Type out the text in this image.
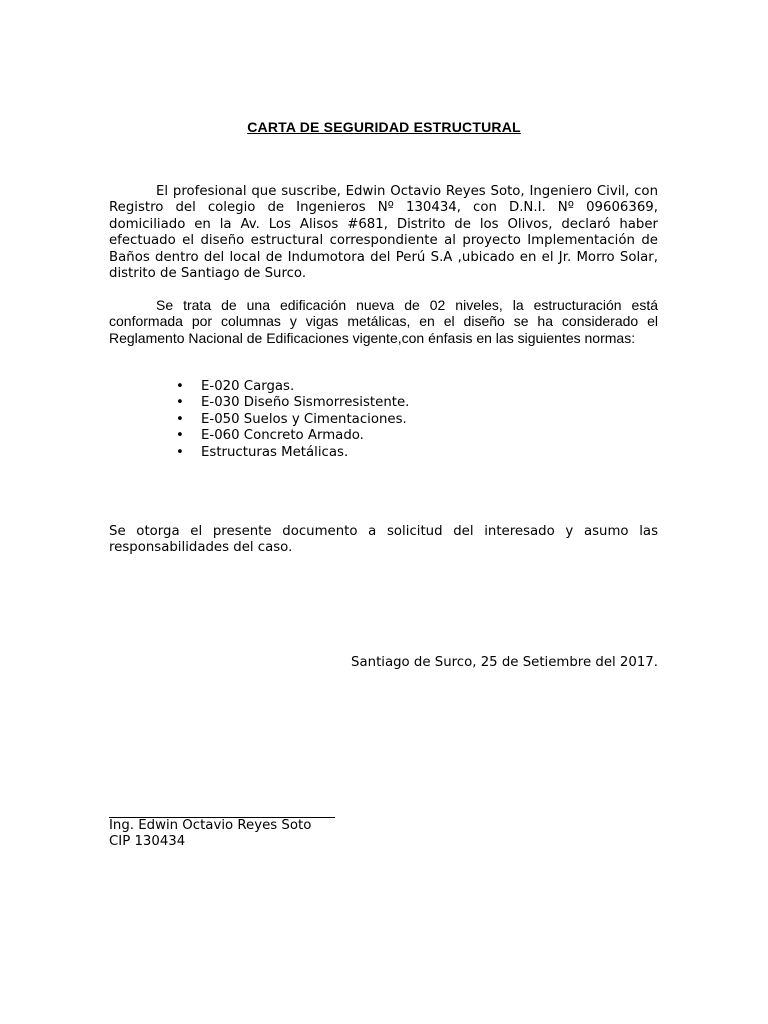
CARTA DE SEGURIDAD ESTRUCTURAL

El profesional que suscribe, Edwin Octavio Reyes Soto, Ingeniero Civil, con Registro del colegio de Ingenieros Nº 130434, con D.N.I. Nº 09606369, domiciliado en la Av. Los Alisos #681, Distrito de los Olivos, declaró haber efectuado el diseño estructural correspondiente al proyecto Implementación de Baños dentro del local de Indumotora del Perú S.A ,ubicado en el Jr. Morro Solar, distrito de Santiago de Surco.

Se trata de una edificación nueva de 02 niveles, la estructuración está conformada por columnas y vigas metálicas, en el diseño se ha considerado el Reglamento Nacional de Edificaciones vigente,con énfasis en las siguientes normas:

• E-020 Cargas.
• E-030 Diseño Sismorresistente.
• E-050 Suelos y Cimentaciones.
• E-060 Concreto Armado.
• Estructuras Metálicas.

Se otorga el presente documento a solicitud del interesado y asumo las responsabilidades del caso.

Santiago de Surco, 25 de Setiembre del 2017.
Ing. Edwin Octavio Reyes Soto
CIP 130434
